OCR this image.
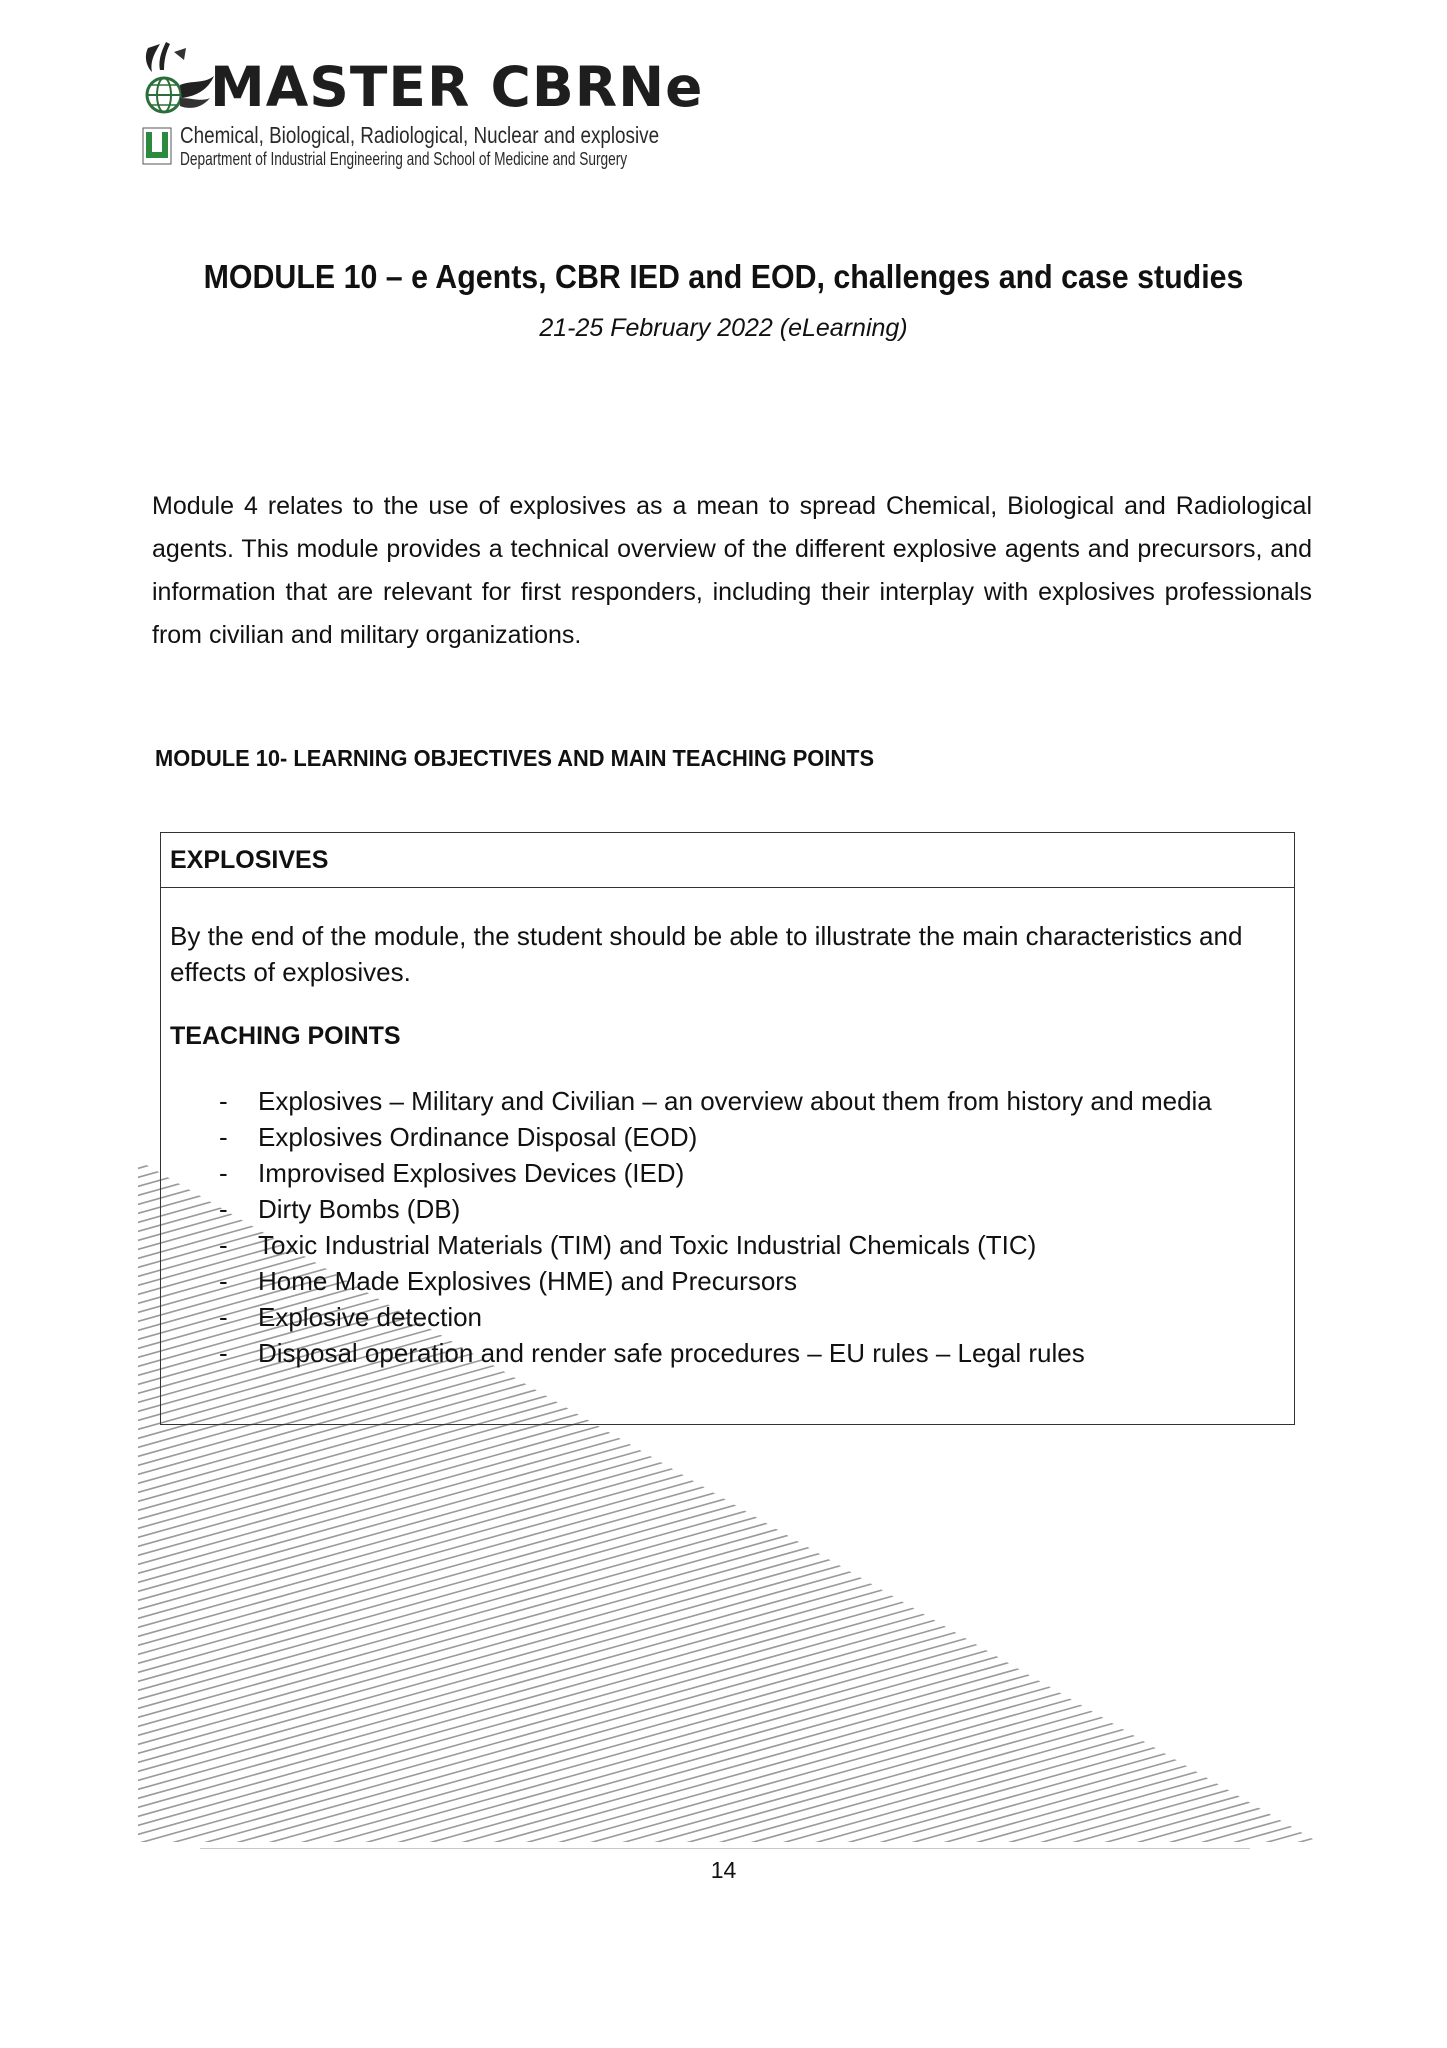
MASTER CBRNe
Chemical, Biological, Radiological, Nuclear and explosive
Department of Industrial Engineering and School of Medicine and Surgery
MODULE 10 – e Agents, CBR IED and EOD, challenges and case studies
21-25 February 2022 (eLearning)

Module 4 relates to the use of explosives as a mean to spread Chemical, Biological and Radiological agents. This module provides a technical overview of the different explosive agents and precursors, and information that are relevant for first responders, including their interplay with explosives professionals from civilian and military organizations.

MODULE 10- LEARNING OBJECTIVES AND MAIN TEACHING POINTS
EXPLOSIVES

By the end of the module, the student should be able to illustrate the main characteristics and effects of explosives.

TEACHING POINTS

‐	Explosives – Military and Civilian – an overview about them from history and media
‐	Explosives Ordinance Disposal (EOD)
‐	Improvised Explosives Devices (IED)
‐	Dirty Bombs (DB)
‐	Toxic Industrial Materials (TIM) and Toxic Industrial Chemicals (TIC)
‐	Home Made Explosives (HME) and Precursors
‐	Explosive detection
‐	Disposal operation and render safe procedures – EU rules – Legal rules
14
